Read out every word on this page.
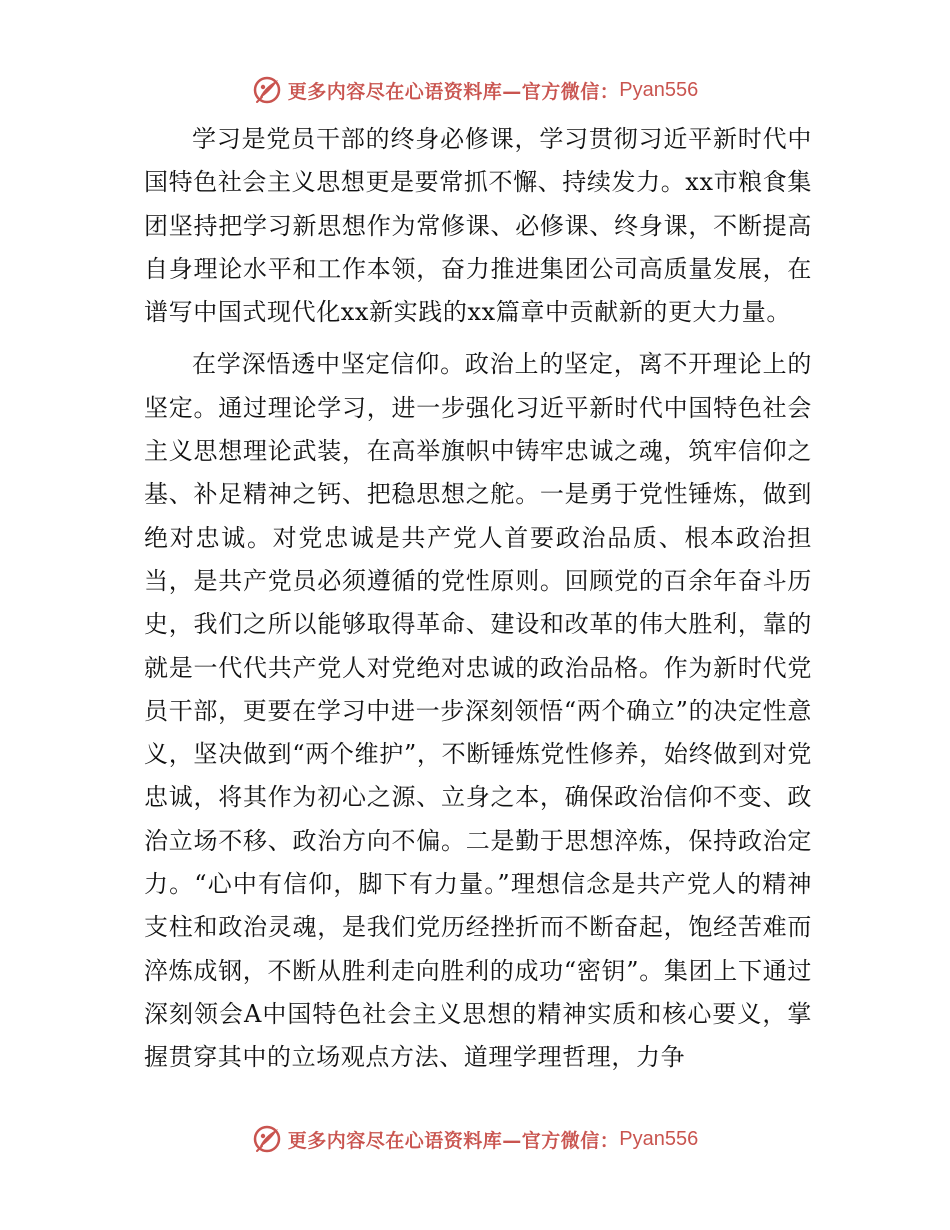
更多内容尽在心语资料库—官方微信： Pyan556

学习是党员干部的终身必修课，学习贯彻习近平新时代中国特色社会主义思想更是要常抓不懈、持续发力。xx市粮食集团坚持把学习新思想作为常修课、必修课、终身课，不断提高自身理论水平和工作本领，奋力推进集团公司高质量发展，在谱写中国式现代化xx新实践的xx篇章中贡献新的更大力量。

在学深悟透中坚定信仰。政治上的坚定，离不开理论上的坚定。通过理论学习，进一步强化习近平新时代中国特色社会主义思想理论武装，在高举旗帜中铸牢忠诚之魂，筑牢信仰之基、补足精神之钙、把稳思想之舵。一是勇于党性锤炼，做到绝对忠诚。对党忠诚是共产党人首要政治品质、根本政治担当，是共产党员必须遵循的党性原则。回顾党的百余年奋斗历史，我们之所以能够取得革命、建设和改革的伟大胜利，靠的就是一代代共产党人对党绝对忠诚的政治品格。作为新时代党员干部，更要在学习中进一步深刻领悟“两个确立”的决定性意义，坚决做到“两个维护”，不断锤炼党性修养，始终做到对党忠诚，将其作为初心之源、立身之本，确保政治信仰不变、政治立场不移、政治方向不偏。二是勤于思想淬炼，保持政治定力。“心中有信仰，脚下有力量。”理想信念是共产党人的精神支柱和政治灵魂，是我们党历经挫折而不断奋起，饱经苦难而淬炼成钢，不断从胜利走向胜利的成功“密钥”。集团上下通过深刻领会A中国特色社会主义思想的精神实质和核心要义，掌握贯穿其中的立场观点方法、道理学理哲理，力争

更多内容尽在心语资料库—官方微信： Pyan556
